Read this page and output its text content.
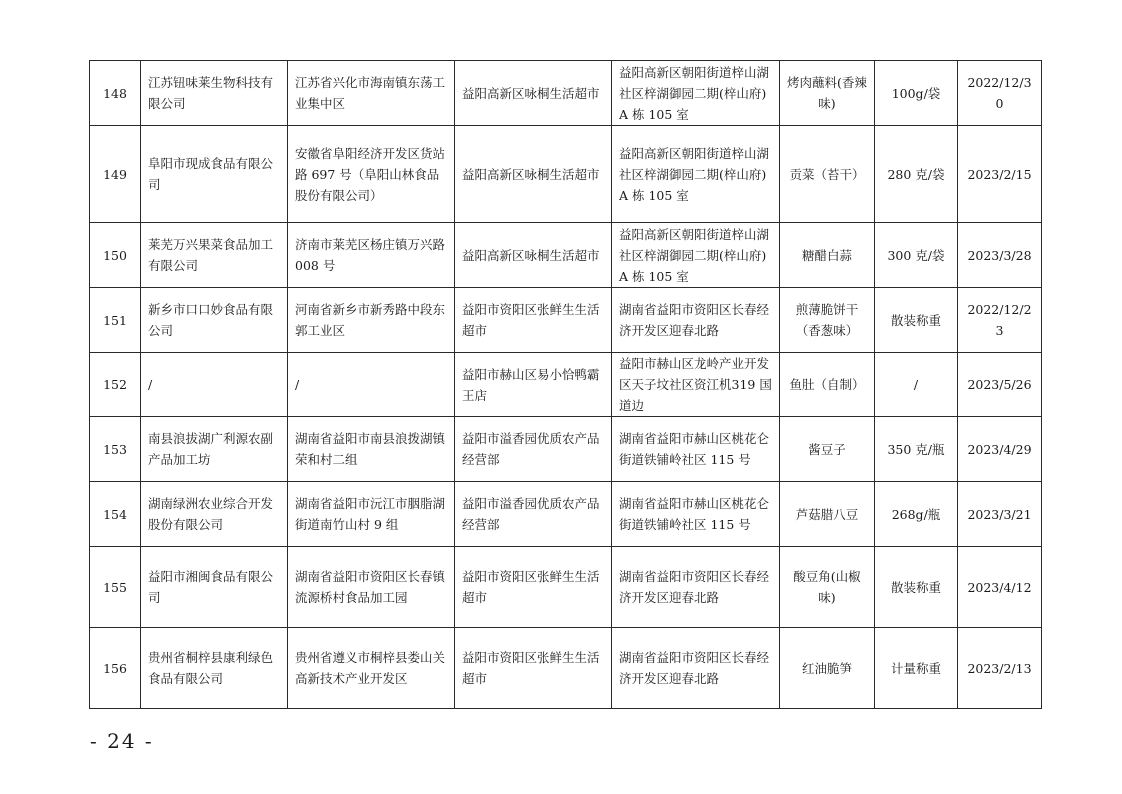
148	江苏钮味莱生物科技有限公司	江苏省兴化市海南镇东荡工业集中区	益阳高新区咏桐生活超市	益阳高新区朝阳街道梓山湖社区梓湖御园二期(梓山府)A 栋 105 室	烤肉蘸料(香辣味)	100g/袋	2022/12/30
149	阜阳市现成食品有限公司	安徽省阜阳经济开发区货站路 697 号（阜阳山林食品股份有限公司）	益阳高新区咏桐生活超市	益阳高新区朝阳街道梓山湖社区梓湖御园二期(梓山府)A 栋 105 室	贡菜（苔干）	280 克/袋	2023/2/15
150	莱芜万兴果菜食品加工有限公司	济南市莱芜区杨庄镇万兴路 008 号	益阳高新区咏桐生活超市	益阳高新区朝阳街道梓山湖社区梓湖御园二期(梓山府)A 栋 105 室	糖醋白蒜	300 克/袋	2023/3/28
151	新乡市口口妙食品有限公司	河南省新乡市新秀路中段东郭工业区	益阳市资阳区张鲜生生活超市	湖南省益阳市资阳区长春经济开发区迎春北路	煎薄脆饼干（香葱味）	散装称重	2022/12/23
152	/	/	益阳市赫山区易小恰鸭霸王店	益阳市赫山区龙岭产业开发区天子坟社区资江机319 国道边	鱼肚（自制）	/	2023/5/26
153	南县浪拔湖广利源农副产品加工坊	湖南省益阳市南县浪拨湖镇荣和村二组	益阳市溢香园优质农产品经营部	湖南省益阳市赫山区桃花仑街道铁铺岭社区 115 号	酱豆子	350 克/瓶	2023/4/29
154	湖南绿洲农业综合开发股份有限公司	湖南省益阳市沅江市胭脂湖街道南竹山村 9 组	益阳市溢香园优质农产品经营部	湖南省益阳市赫山区桃花仑街道铁铺岭社区 115 号	芦菇腊八豆	268g/瓶	2023/3/21
155	益阳市湘闽食品有限公司	湖南省益阳市资阳区长春镇流源桥村食品加工园	益阳市资阳区张鲜生生活超市	湖南省益阳市资阳区长春经济开发区迎春北路	酸豆角(山椒味)	散装称重	2023/4/12
156	贵州省桐梓县康利绿色食品有限公司	贵州省遵义市桐梓县娄山关高新技术产业开发区	益阳市资阳区张鲜生生活超市	湖南省益阳市资阳区长春经济开发区迎春北路	红油脆笋	计量称重	2023/2/13
- 24 -
